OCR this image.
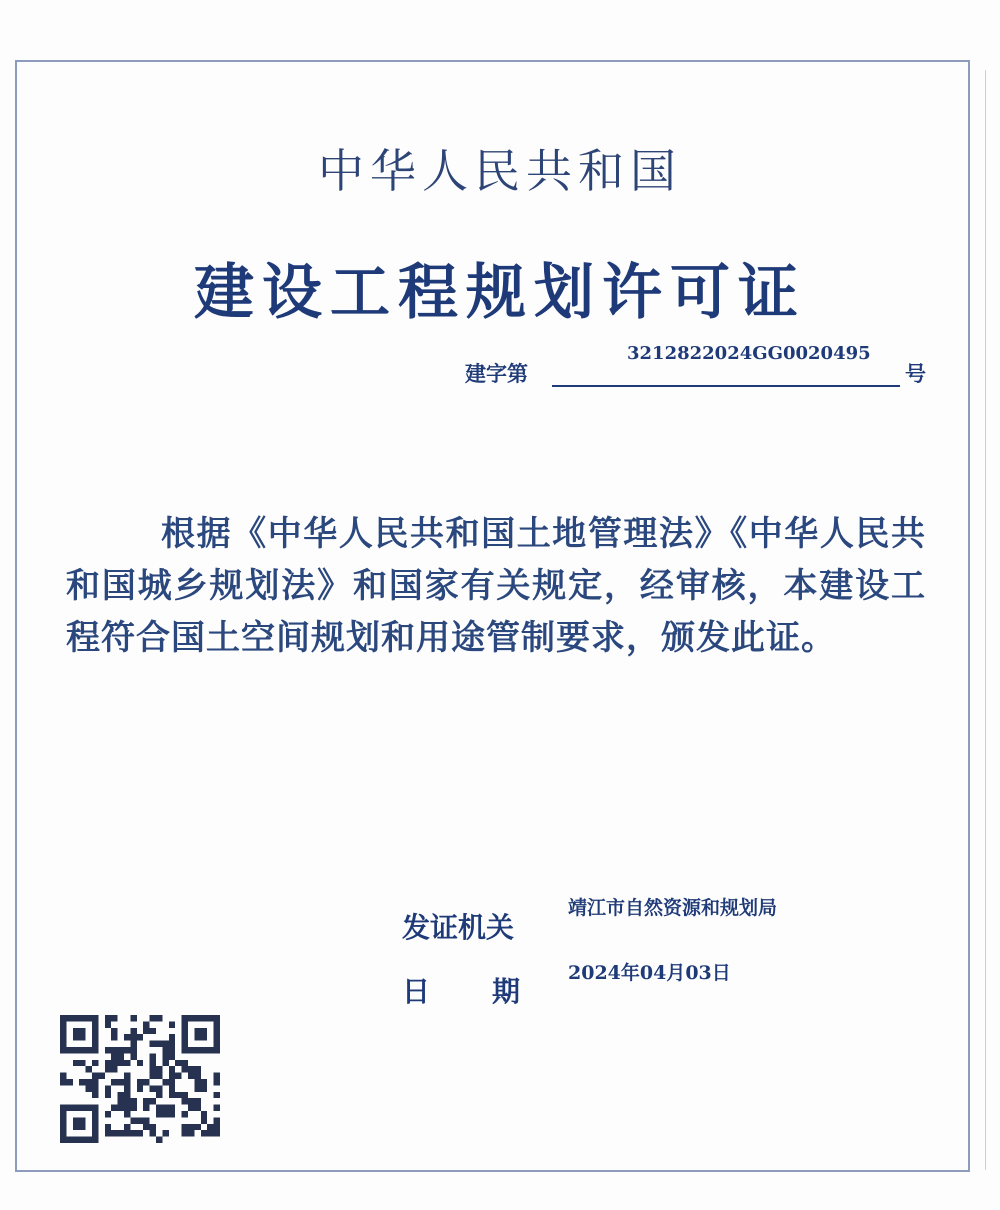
中华人民共和国
建设工程规划许可证
建字第
3212822024GG0020495
号
根据《中华人民共和国土地管理法》《中华人民共和国城乡规划法》和国家有关规定，经审核，本建设工程符合国土空间规划和用途管制要求，颁发此证。
发证机关
靖江市自然资源和规划局
日 期
2024年04月03日
